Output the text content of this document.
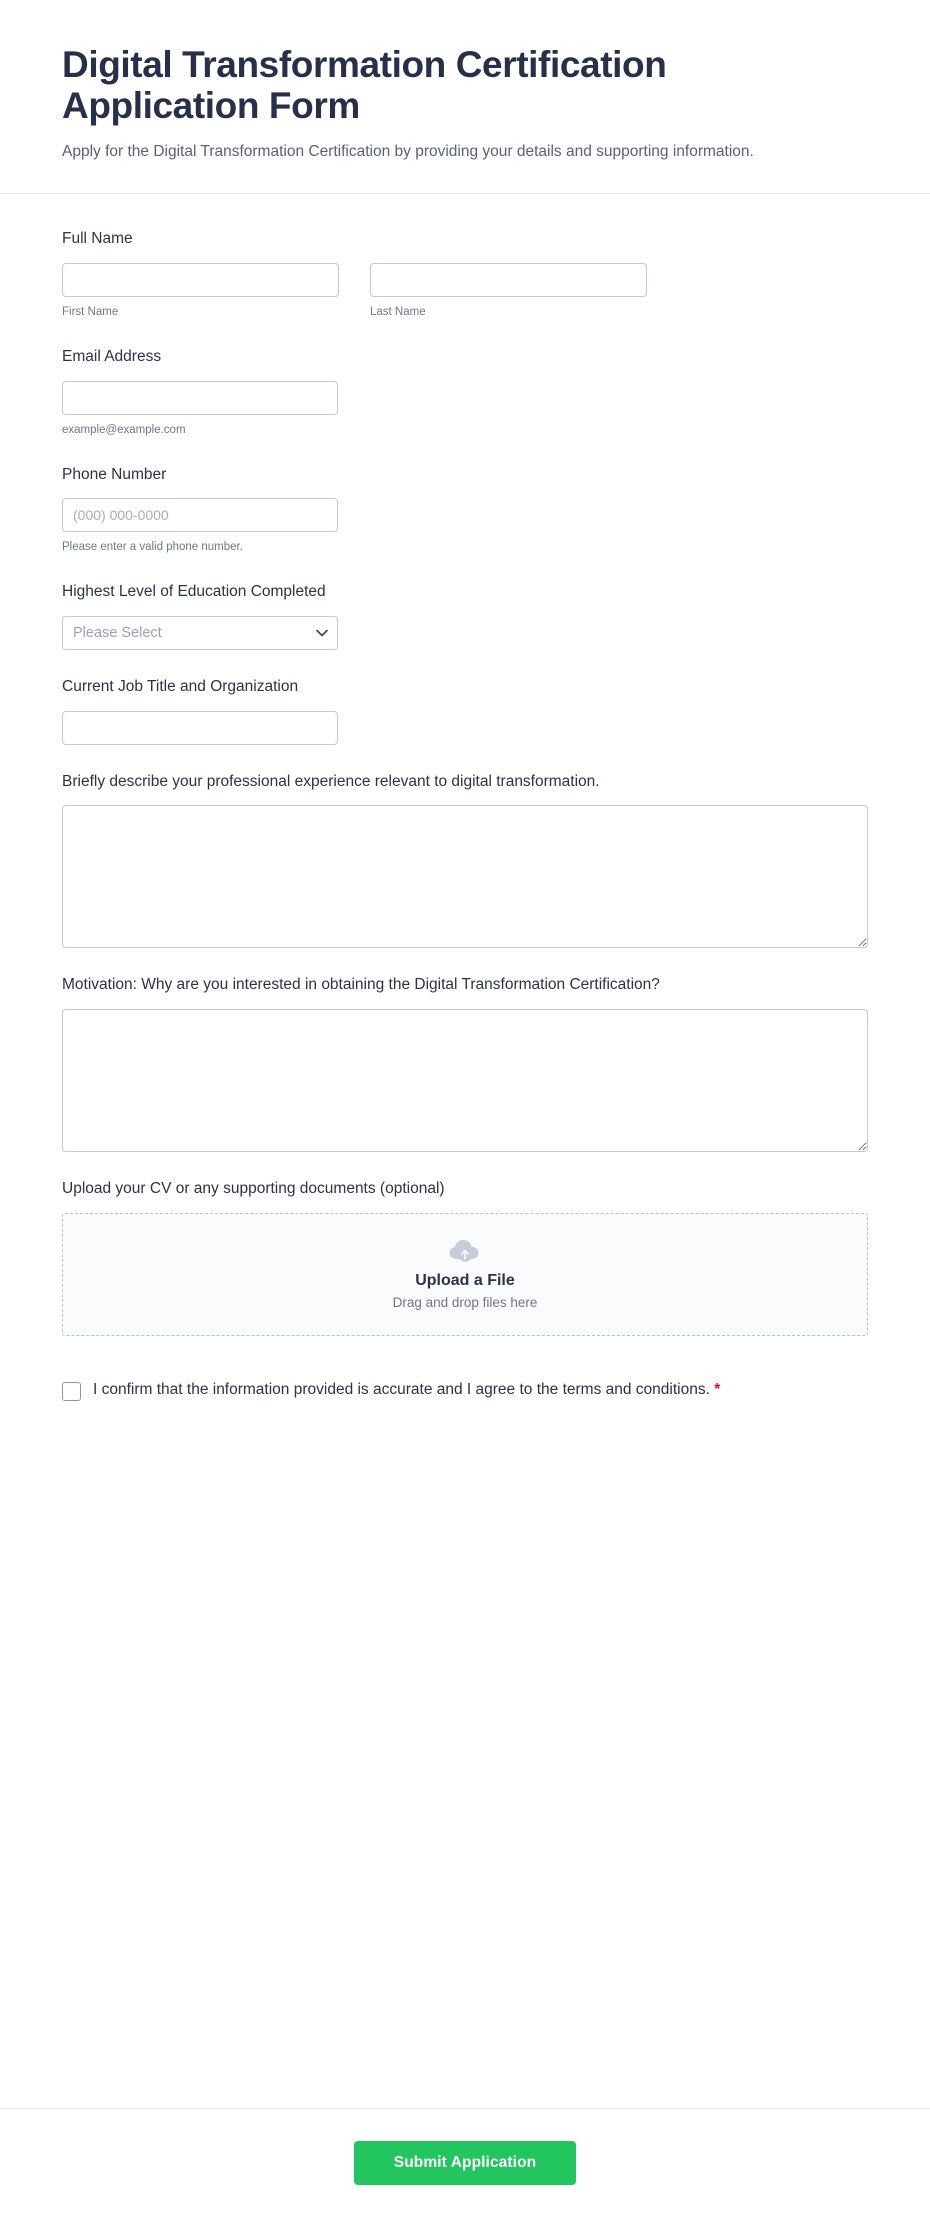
Digital Transformation Certification Application Form

Apply for the Digital Transformation Certification by providing your details and supporting information.

Full Name
First Name	Last Name
Email Address
example@example.com
Phone Number
(000) 000-0000
Please enter a valid phone number.
Highest Level of Education Completed
Please Select
Current Job Title and Organization
Briefly describe your professional experience relevant to digital transformation.
Motivation: Why are you interested in obtaining the Digital Transformation Certification?
Upload your CV or any supporting documents (optional)
Upload a File
Drag and drop files here
I confirm that the information provided is accurate and I agree to the terms and conditions. *
Submit Application
